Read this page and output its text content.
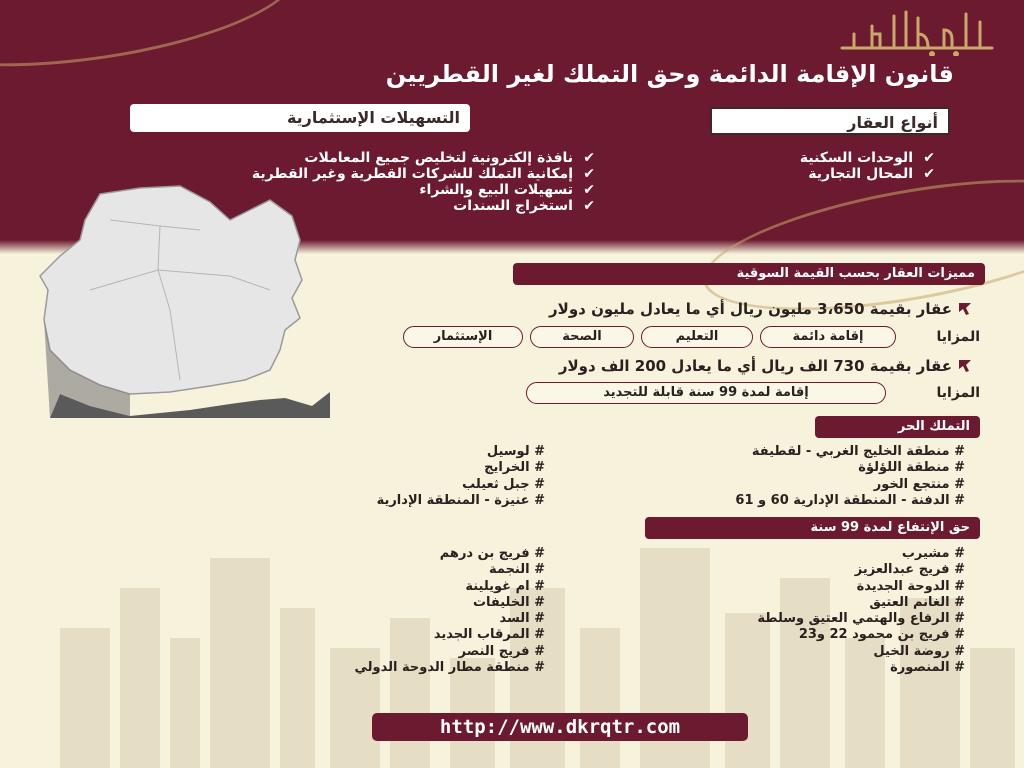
قانون الإقامة الدائمة وحق التملك لغير القطريين
أنواع العقار
✔الوحدات السكنية
✔المحال التجارية
التسهيلات الإستثمارية
✔نافذة إلكترونية لتخليص جميع المعاملات
✔إمكانية التملك للشركات القطرية وغير القطرية
✔تسهيلات البيع والشراء
✔استخراج السندات
مميزات العقار بحسب القيمة السوقية
عقار بقيمة 3،650 مليون ريال أي ما يعادل مليون دولار
المزايا
إقامة دائمة
التعليم
الصحة
الإستثمار
عقار بقيمة 730 الف ريال أي ما يعادل 200 الف دولار
المزايا
إقامة لمدة 99 سنة قابلة للتجديد
التملك الحر
# منطقة الخليج الغربي - لقطيفة
# منطقة اللؤلؤة
# منتجع الخور
# الدفنة - المنطقة الإدارية 60 و 61
# لوسيل
# الخرايج
# جبل ثعيلب
# عنيزة - المنطقة الإدارية
حق الإنتفاع لمدة 99 سنة
# مشيرب
# فريج عبدالعزيز
# الدوحة الجديدة
# الغانم العتيق
# الرفاع والهتمي العتيق وسلطة
# فريج بن محمود 22 و23
# روضة الخيل
# المنصورة
# فريج بن درهم
# النجمة
# ام غويلينة
# الخليفات
# السد
# المرقاب الجديد
# فريج النصر
# منطقة مطار الدوحة الدولي
http://www.dkrqtr.com
